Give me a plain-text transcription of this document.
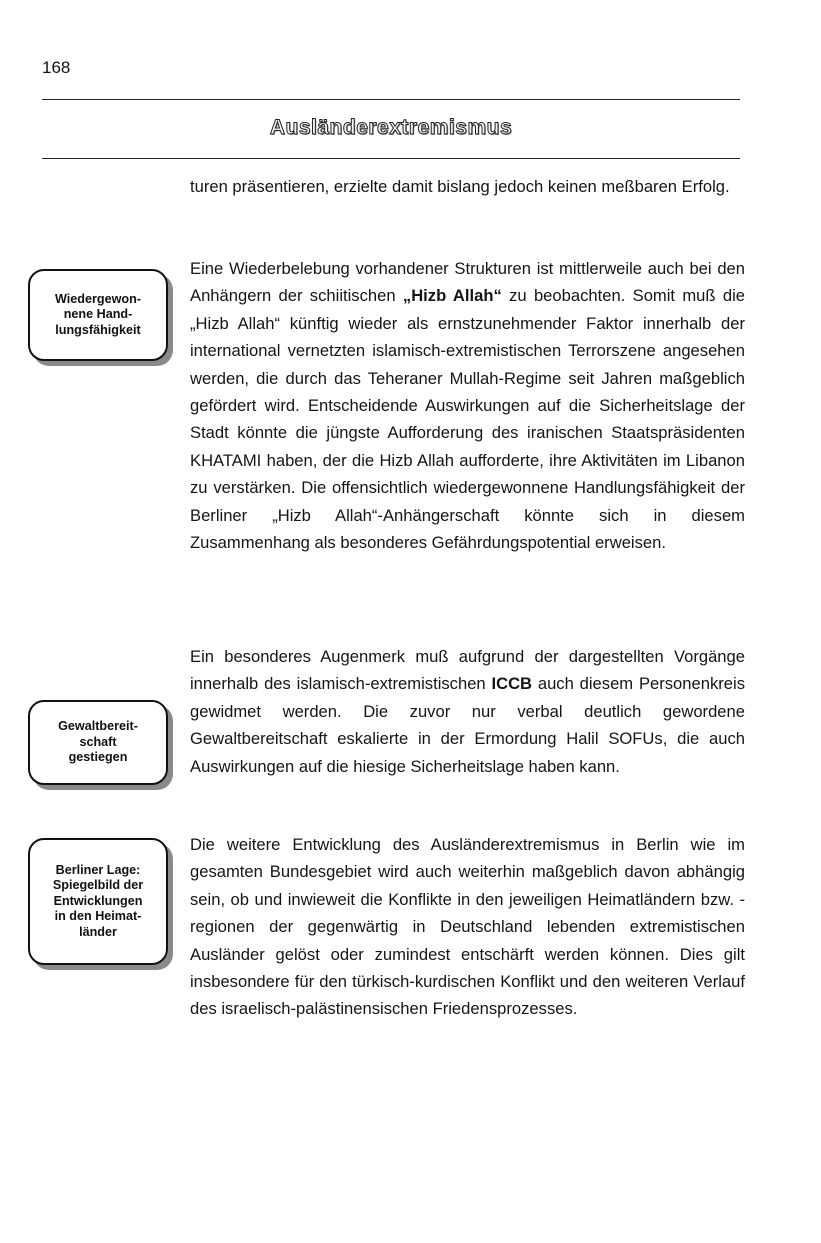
168
Ausländerextremismus
Wiedergewon-
nene Hand-
lungsfähigkeit
Gewaltbereit-
schaft
gestiegen
Berliner Lage:
Spiegelbild der
Entwicklungen
in den Heimat-
länder

turen präsentieren, erzielte damit bislang jedoch keinen meßbaren Erfolg.

Eine Wiederbelebung vorhandener Strukturen ist mittlerweile auch bei den Anhängern der schiitischen „Hizb Allah“ zu beobachten. Somit muß die „Hizb Allah“ künftig wieder als ernstzunehmender Faktor innerhalb der international vernetzten islamisch-extremistischen Terrorszene angesehen werden, die durch das Teheraner Mullah-Regime seit Jahren maßgeblich gefördert wird. Entscheidende Auswirkungen auf die Sicherheitslage der Stadt könnte die jüngste Aufforderung des iranischen Staatspräsidenten KHATAMI haben, der die Hizb Allah aufforderte, ihre Aktivitäten im Libanon zu verstärken. Die offensichtlich wiedergewonnene Handlungsfähigkeit der Berliner „Hizb Allah“-Anhängerschaft könnte sich in diesem Zusammenhang als besonderes Gefährdungspotential erweisen.

Ein besonderes Augenmerk muß aufgrund der dargestellten Vorgänge innerhalb des islamisch-extremistischen ICCB auch diesem Personenkreis gewidmet werden. Die zuvor nur verbal deutlich gewordene Gewaltbereitschaft eskalierte in der Ermordung Halil SOFUs, die auch Auswirkungen auf die hiesige Sicherheitslage haben kann.

Die weitere Entwicklung des Ausländerextremismus in Berlin wie im gesamten Bundesgebiet wird auch weiterhin maßgeblich davon abhängig sein, ob und inwieweit die Konflikte in den jeweiligen Heimatländern bzw. -regionen der gegenwärtig in Deutschland lebenden extremistischen Ausländer gelöst oder zumindest entschärft werden können. Dies gilt insbesondere für den türkisch-kurdischen Konflikt und den weiteren Verlauf des israelisch-palästinensischen Friedensprozesses.
